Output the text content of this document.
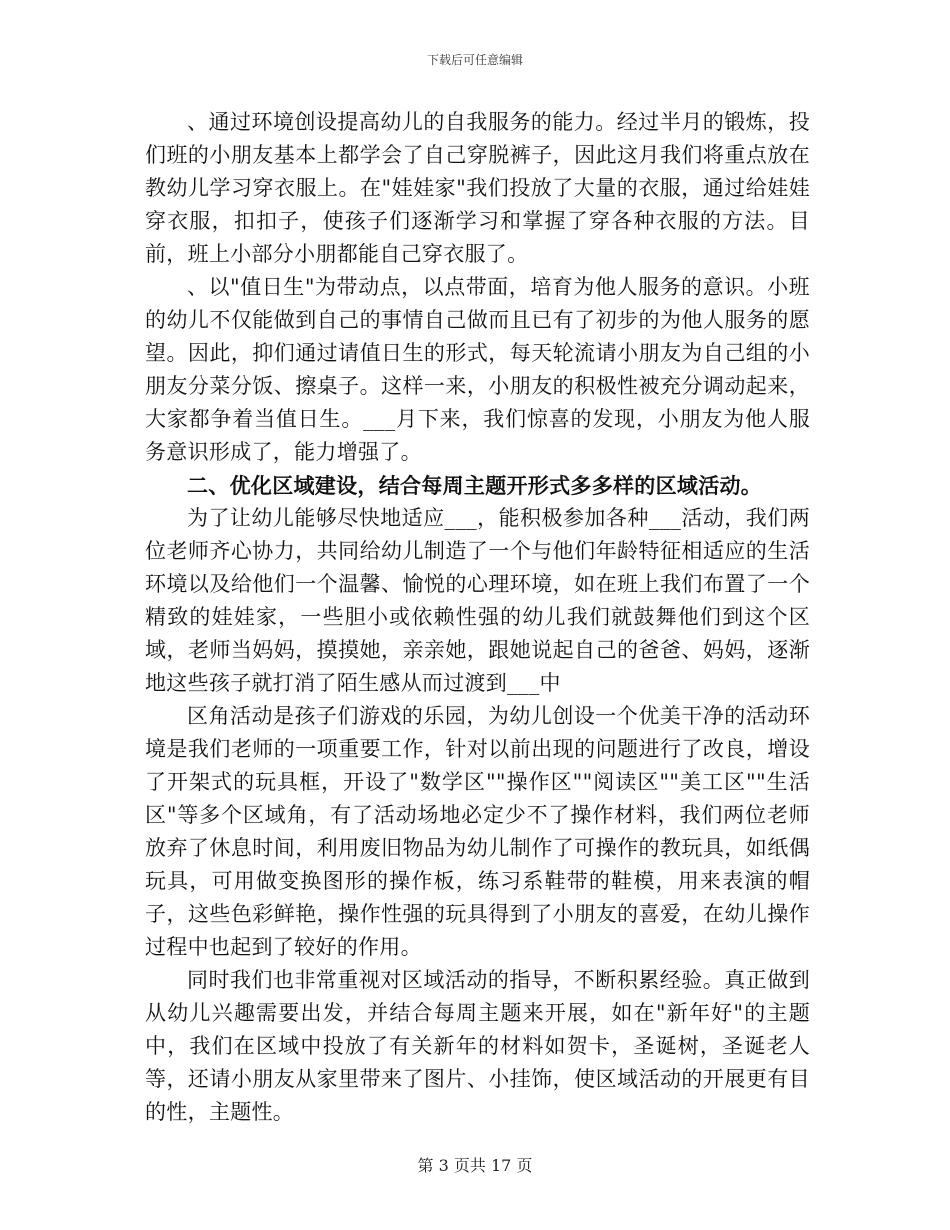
下载后可任意编辑

、通过环境创设提高幼儿的自我服务的能力。经过半月的锻炼，投们班的小朋友基本上都学会了自己穿脱裤子，因此这月我们将重点放在教幼儿学习穿衣服上。在"娃娃家"我们投放了大量的衣服，通过给娃娃穿衣服，扣扣子，使孩子们逐渐学习和掌握了穿各种衣服的方法。目前，班上小部分小朋都能自己穿衣服了。

、以"值日生"为带动点，以点带面，培育为他人服务的意识。小班的幼儿不仅能做到自己的事情自己做而且已有了初步的为他人服务的愿望。因此，抑们通过请值日生的形式，每天轮流请小朋友为自己组的小朋友分菜分饭、擦桌子。这样一来，小朋友的积极性被充分调动起来，大家都争着当值日生。___月下来，我们惊喜的发现，小朋友为他人服务意识形成了，能力增强了。

二、优化区域建设，结合每周主题开形式多多样的区域活动。

为了让幼儿能够尽快地适应___，能积极参加各种___活动，我们两位老师齐心协力，共同给幼儿制造了一个与他们年龄特征相适应的生活环境以及给他们一个温馨、愉悦的心理环境，如在班上我们布置了一个精致的娃娃家，一些胆小或依赖性强的幼儿我们就鼓舞他们到这个区域，老师当妈妈，摸摸她，亲亲她，跟她说起自己的爸爸、妈妈，逐渐地这些孩子就打消了陌生感从而过渡到___中

区角活动是孩子们游戏的乐园，为幼儿创设一个优美干净的活动环境是我们老师的一项重要工作，针对以前出现的问题进行了改良，增设了开架式的玩具框，开设了"数学区""操作区""阅读区""美工区""生活区"等多个区域角，有了活动场地必定少不了操作材料，我们两位老师放弃了休息时间，利用废旧物品为幼儿制作了可操作的教玩具，如纸偶玩具，可用做变换图形的操作板，练习系鞋带的鞋模，用来表演的帽子，这些色彩鲜艳，操作性强的玩具得到了小朋友的喜爱，在幼儿操作过程中也起到了较好的作用。

同时我们也非常重视对区域活动的指导，不断积累经验。真正做到从幼儿兴趣需要出发，并结合每周主题来开展，如在"新年好"的主题中，我们在区域中投放了有关新年的材料如贺卡，圣诞树，圣诞老人等，还请小朋友从家里带来了图片、小挂饰，使区域活动的开展更有目的性，主题性。

第 3 页共 17 页
